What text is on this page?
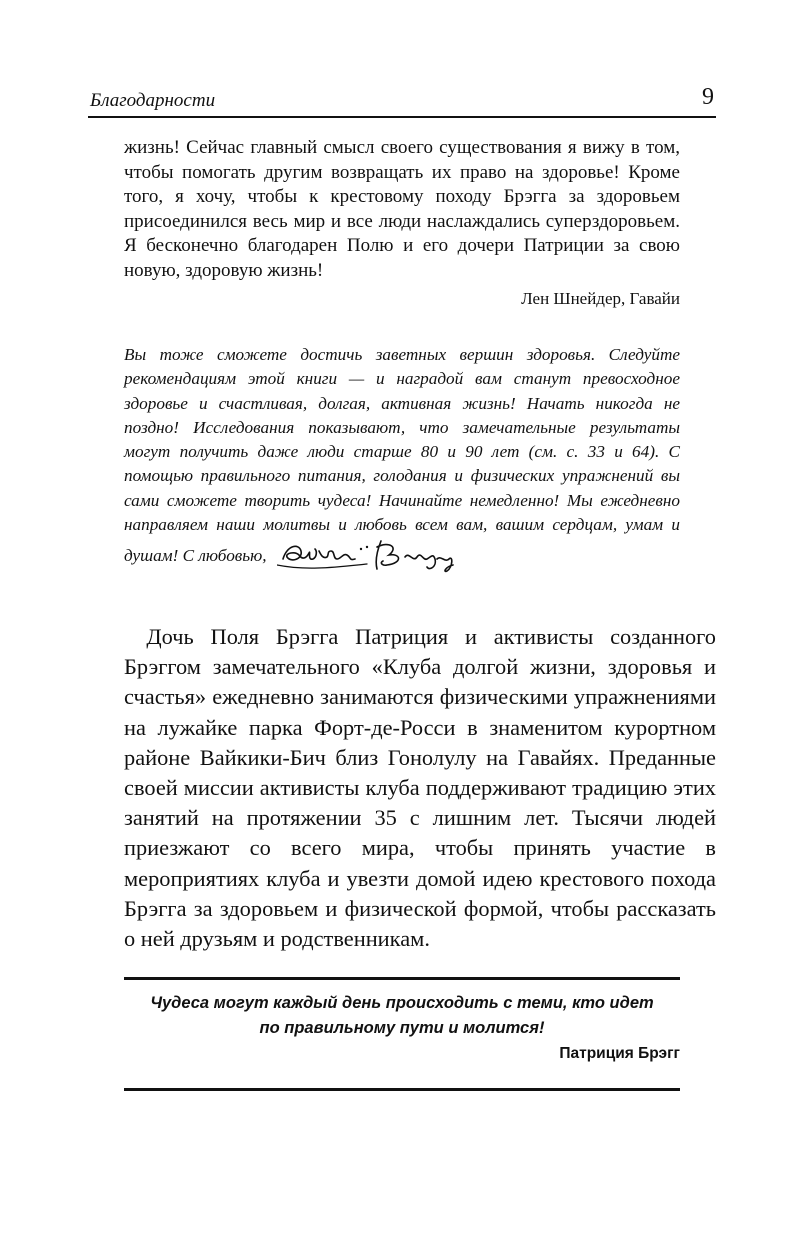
Благодарности	9

жизнь! Сейчас главный смысл своего существования я вижу в том, чтобы помогать другим возвращать их право на здоровье! Кроме того, я хочу, чтобы к крестовому походу Брэгга за здоровьем присоединился весь мир и все люди наслаждались суперздоровьем. Я бесконечно благодарен Полю и его дочери Патриции за свою новую, здоровую жизнь!

Лен Шнейдер, Гавайи

Вы тоже сможете достичь заветных вершин здоровья. Следуйте рекомендациям этой книги — и наградой вам станут превосходное здоровье и счастливая, долгая, активная жизнь! Начать никогда не поздно! Исследования показывают, что замечательные результаты могут получить даже люди старше 80 и 90 лет (см. с. 33 и 64). С помощью правильного питания, голодания и физических упражнений вы сами сможете творить чудеса! Начинайте немедленно! Мы ежедневно направляем наши молитвы и любовь всем вам, вашим сердцам, умам и душам! С любовью,

 Дочь Поля Брэгга Патриция и активисты созданного Брэггом замечательного «Клуба долгой жизни, здоровья и счастья» ежедневно занимаются физическими упражнениями на лужайке парка Форт-де-Росси в знаменитом курортном районе Вайкики-Бич близ Гонолулу на Гавайях. Преданные своей миссии активисты клуба поддерживают традицию этих занятий на протяжении 35 с лишним лет. Тысячи людей приезжают со всего мира, чтобы принять участие в мероприятиях клуба и увезти домой идею крестового похода Брэгга за здоровьем и физической формой, чтобы рассказать о ней друзьям и родственникам.

Чудеса могут каждый день происходить с теми, кто идет
по правильному пути и молится!
Патриция Брэгг
